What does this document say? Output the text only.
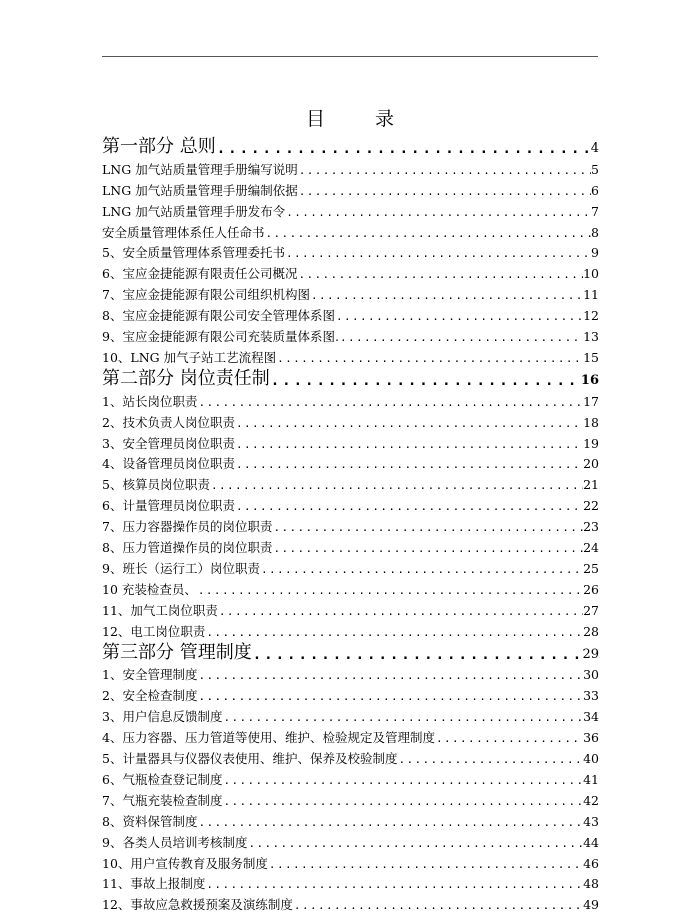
目 录
第一部分 总则 .....	4
LNG 加气站质量管理手册编写说明 .....	5
LNG 加气站质量管理手册编制依据 .....	6
LNG 加气站质量管理手册发布令 .....	7
安全质量管理体系任人任命书 .....	8
5、安全质量管理体系管理委托书 .....	9
6、宝应金捷能源有限责任公司概况 .....	10
7、宝应金捷能源有限公司组织机构图 .....	11
8、宝应金捷能源有限公司安全管理体系图 .....	12
9、宝应金捷能源有限公司充装质量体系图. .....	13
10、LNG 加气子站工艺流程图 .....	15
第二部分 岗位责任制 .....	16
1、站长岗位职责 .....	17
2、技术负责人岗位职责 .....	18
3、安全管理员岗位职责 .....	19
4、设备管理员岗位职责 .....	20
5、核算员岗位职责 .....	21
6、计量管理员岗位职责 .....	22
7、压力容器操作员的岗位职责 .....	23
8、压力管道操作员的岗位职责 .....	24
9、班长（运行工）岗位职责 .....	25
10 充装检查员、 .....	26
11、加气工岗位职责 .....	27
12、电工岗位职责 .....	28
第三部分 管理制度 .....	29
1、安全管理制度 .....	30
2、安全检查制度 .....	33
3、用户信息反馈制度 .....	34
4、压力容器、压力管道等使用、维护、检验规定及管理制度 .....	36
5、计量器具与仪器仪表使用、维护、保养及校验制度 .....	40
6、气瓶检查登记制度 .....	41
7、气瓶充装检查制度 .....	42
8、资料保管制度 .....	43
9、各类人员培训考核制度 .....	44
10、用户宣传教育及服务制度 .....	46
11、事故上报制度 .....	48
12、事故应急救援预案及演练制度 .....	49
